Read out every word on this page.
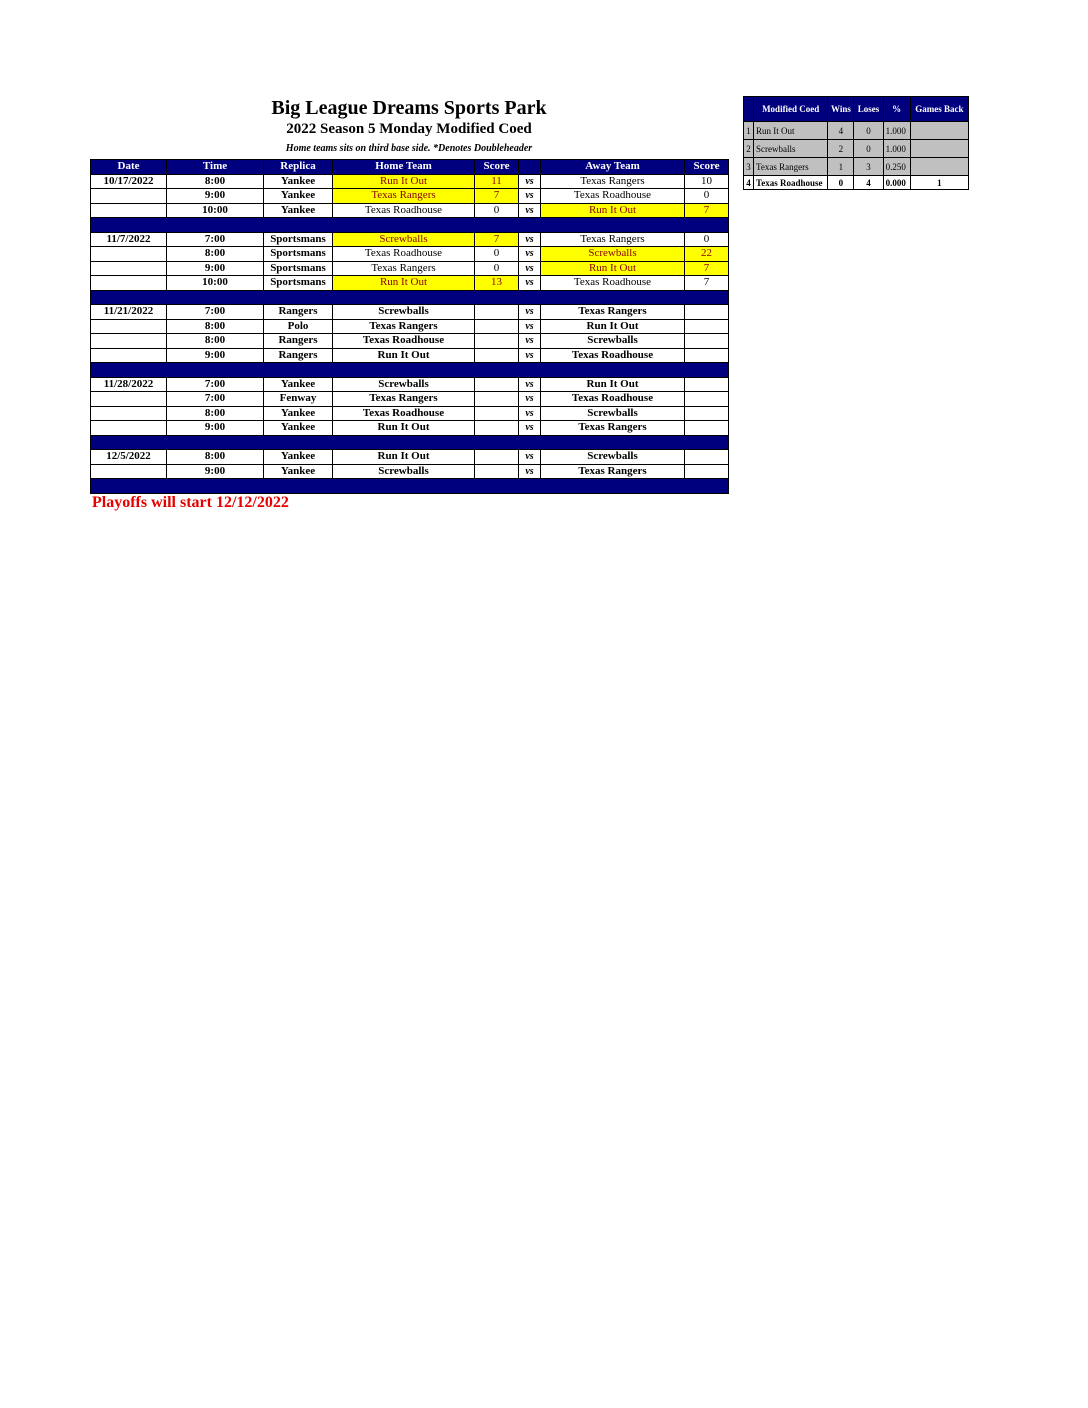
Big League Dreams Sports Park
2022 Season 5 Monday Modified Coed
Home teams sits on third base side. *Denotes Doubleheader
Date	Time	Replica	Home Team	Score		Away Team	Score
10/17/2022	8:00	Yankee	Run It Out	11	vs	Texas Rangers	10
	9:00	Yankee	Texas Rangers	7	vs	Texas Roadhouse	0
	10:00	Yankee	Texas Roadhouse	0	vs	Run It Out	7

11/7/2022	7:00	Sportsmans	Screwballs	7	vs	Texas Rangers	0
	8:00	Sportsmans	Texas Roadhouse	0	vs	Screwballs	22
	9:00	Sportsmans	Texas Rangers	0	vs	Run It Out	7
	10:00	Sportsmans	Run It Out	13	vs	Texas Roadhouse	7

11/21/2022	7:00	Rangers	Screwballs		vs	Texas Rangers	
	8:00	Polo	Texas Rangers		vs	Run It Out	
	8:00	Rangers	Texas Roadhouse		vs	Screwballs	
	9:00	Rangers	Run It Out		vs	Texas Roadhouse	

11/28/2022	7:00	Yankee	Screwballs		vs	Run It Out	
	7:00	Fenway	Texas Rangers		vs	Texas Roadhouse	
	8:00	Yankee	Texas Roadhouse		vs	Screwballs	
	9:00	Yankee	Run It Out		vs	Texas Rangers	

12/5/2022	8:00	Yankee	Run It Out		vs	Screwballs	
	9:00	Yankee	Screwballs		vs	Texas Rangers	

Playoffs will start 12/12/2022
	Modified Coed	Wins	Loses	%	Games Back
1	Run It Out	4	0	1.000	
2	Screwballs	2	0	1.000	
3	Texas Rangers	1	3	0.250	
4	Texas Roadhouse	0	4	0.000	1
